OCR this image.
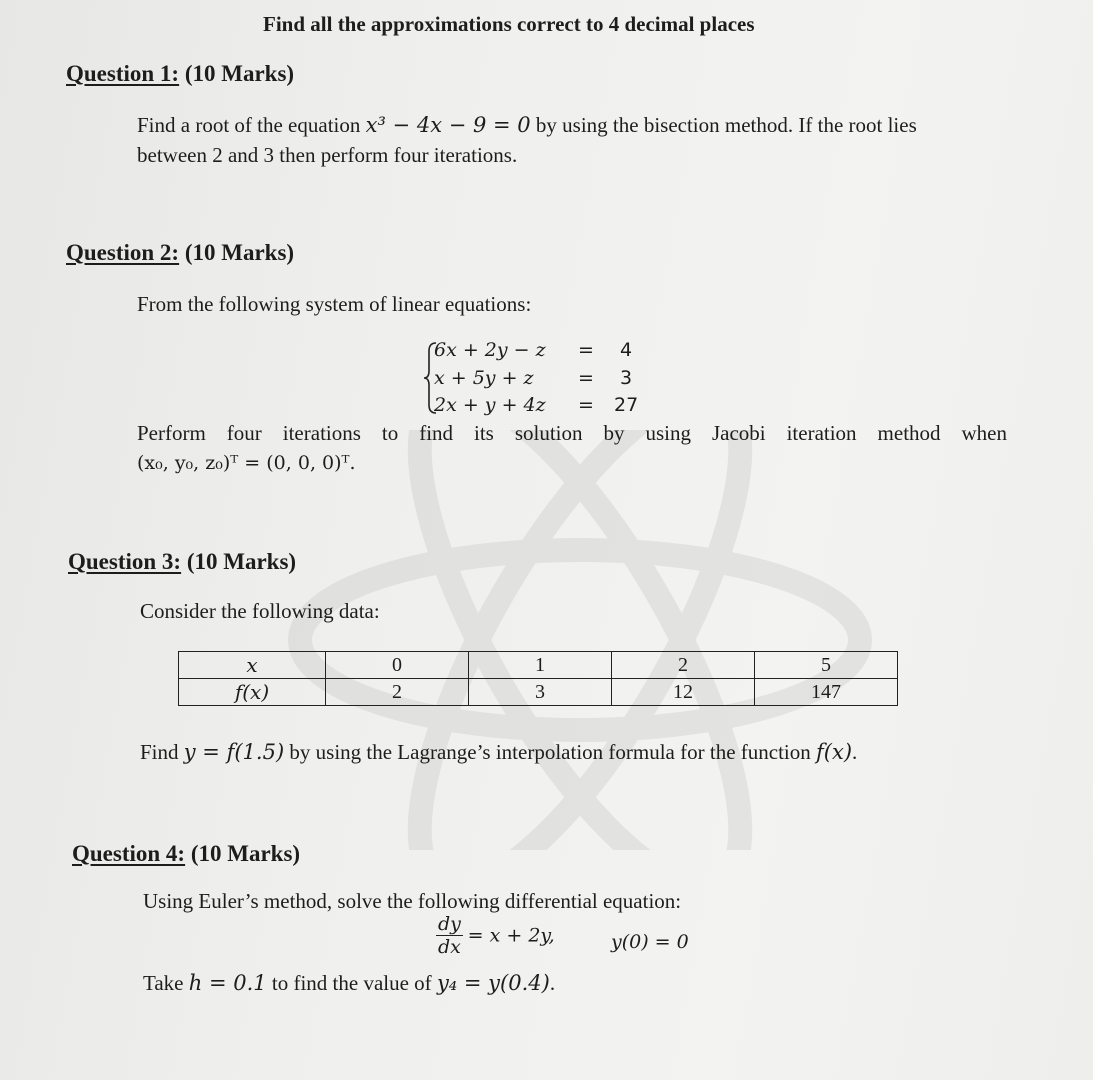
Find all the approximations correct to 4 decimal places
Question 1: (10 Marks)
Find a root of the equation x³ − 4x − 9 = 0 by using the bisection method. If the root lies
between 2 and 3 then perform four iterations.
Question 2: (10 Marks)
From the following system of linear equations:
6x + 2y − z = 4
x + 5y + z = 3
2x + y + 4z = 27
Perform four iterations to find its solution by using Jacobi iteration method when
(x₀, y₀, z₀)ᵀ = (0, 0, 0)ᵀ.
Question 3: (10 Marks)
Consider the following data:
x	0	1	2	5
f(x)	2	3	12	147
Find y = f(1.5) by using the Lagrange’s interpolation formula for the function f(x).
Question 4: (10 Marks)
Using Euler’s method, solve the following differential equation:
$\frac{dy}{dx} = x + 2y$,	y(0) = 0
Take h = 0.1 to find the value of y₄ = y(0.4).
